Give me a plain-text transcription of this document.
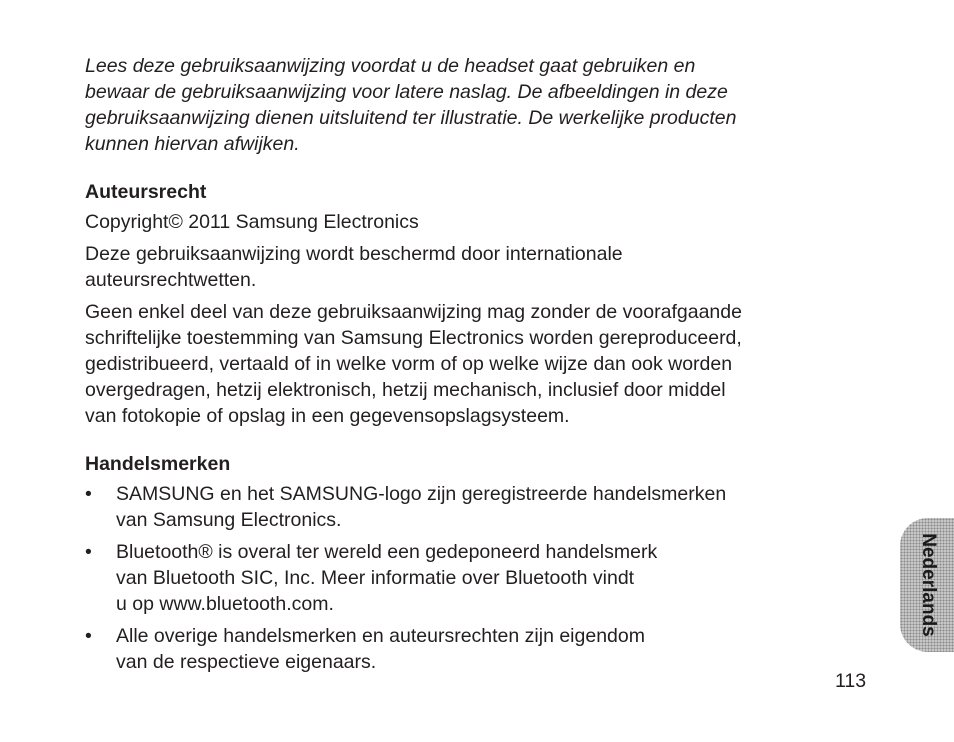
Lees deze gebruiksaanwijzing voordat u de headset gaat gebruiken en
bewaar de gebruiksaanwijzing voor latere naslag. De afbeeldingen in deze
gebruiksaanwijzing dienen uitsluitend ter illustratie. De werkelijke producten
kunnen hiervan afwijken.

Auteursrecht

Copyright© 2011 Samsung Electronics

Deze gebruiksaanwijzing wordt beschermd door internationale
auteursrechtwetten.

Geen enkel deel van deze gebruiksaanwijzing mag zonder de voorafgaande
schriftelijke toestemming van Samsung Electronics worden gereproduceerd,
gedistribueerd, vertaald of in welke vorm of op welke wijze dan ook worden
overgedragen, hetzij elektronisch, hetzij mechanisch, inclusief door middel
van fotokopie of opslag in een gegevensopslagsysteem.

Handelsmerken
• SAMSUNG en het SAMSUNG-logo zijn geregistreerde handelsmerken
van Samsung Electronics.
• Bluetooth® is overal ter wereld een gedeponeerd handelsmerk
van Bluetooth SIC, Inc. Meer informatie over Bluetooth vindt
u op www.bluetooth.com.
• Alle overige handelsmerken en auteursrechten zijn eigendom
van de respectieve eigenaars.
113
Nederlands
